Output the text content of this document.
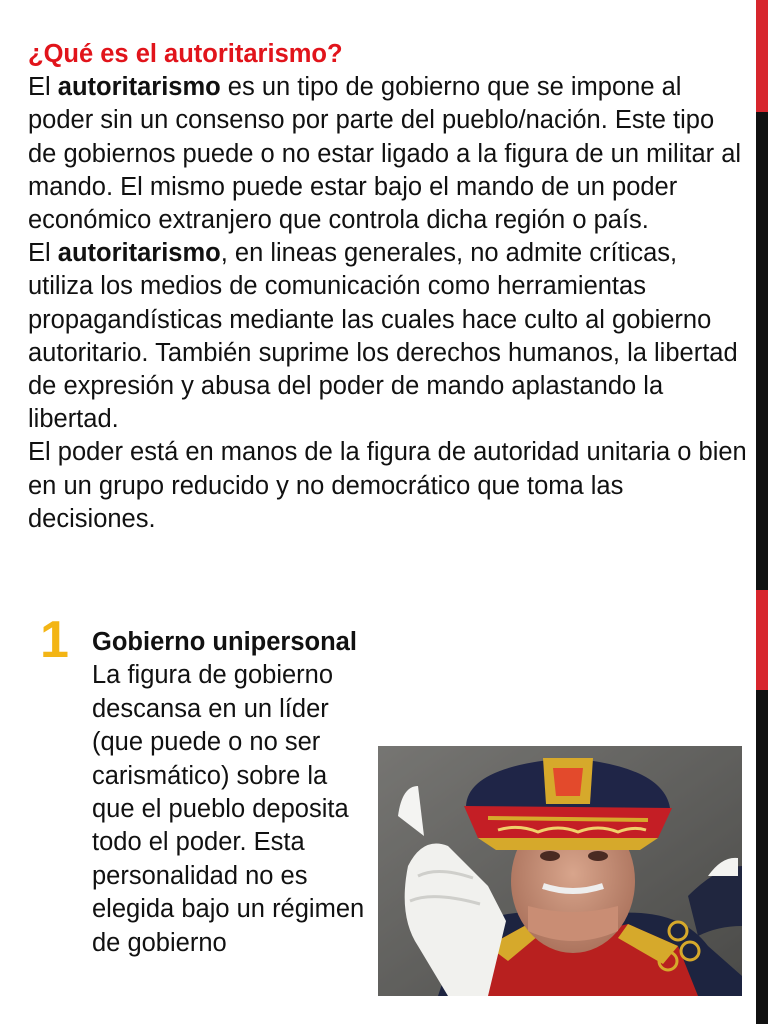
¿Qué es el autoritarismo?

El autoritarismo es un tipo de gobierno que se impone al poder sin un consenso por parte del pueblo/nación. Este tipo de gobiernos puede o no estar ligado a la figura de un militar al mando. El mismo puede estar bajo el mando de un poder económico extranjero que controla dicha región o país.

El autoritarismo, en lineas generales, no admite críticas, utiliza los medios de comunicación como herramientas propagandísticas mediante las cuales hace culto al gobierno autoritario. También suprime los derechos humanos, la libertad de expresión y abusa del poder de mando aplastando la libertad.

El poder está en manos de la figura de autoridad unitaria o bien en un grupo reducido y no democrático que toma las decisiones.

1 Gobierno unipersonal

La figura de gobierno descansa en un líder (que puede o no ser carismático) sobre la que el pueblo deposita todo el poder. Esta personalidad no es elegida bajo un régimen de gobierno
